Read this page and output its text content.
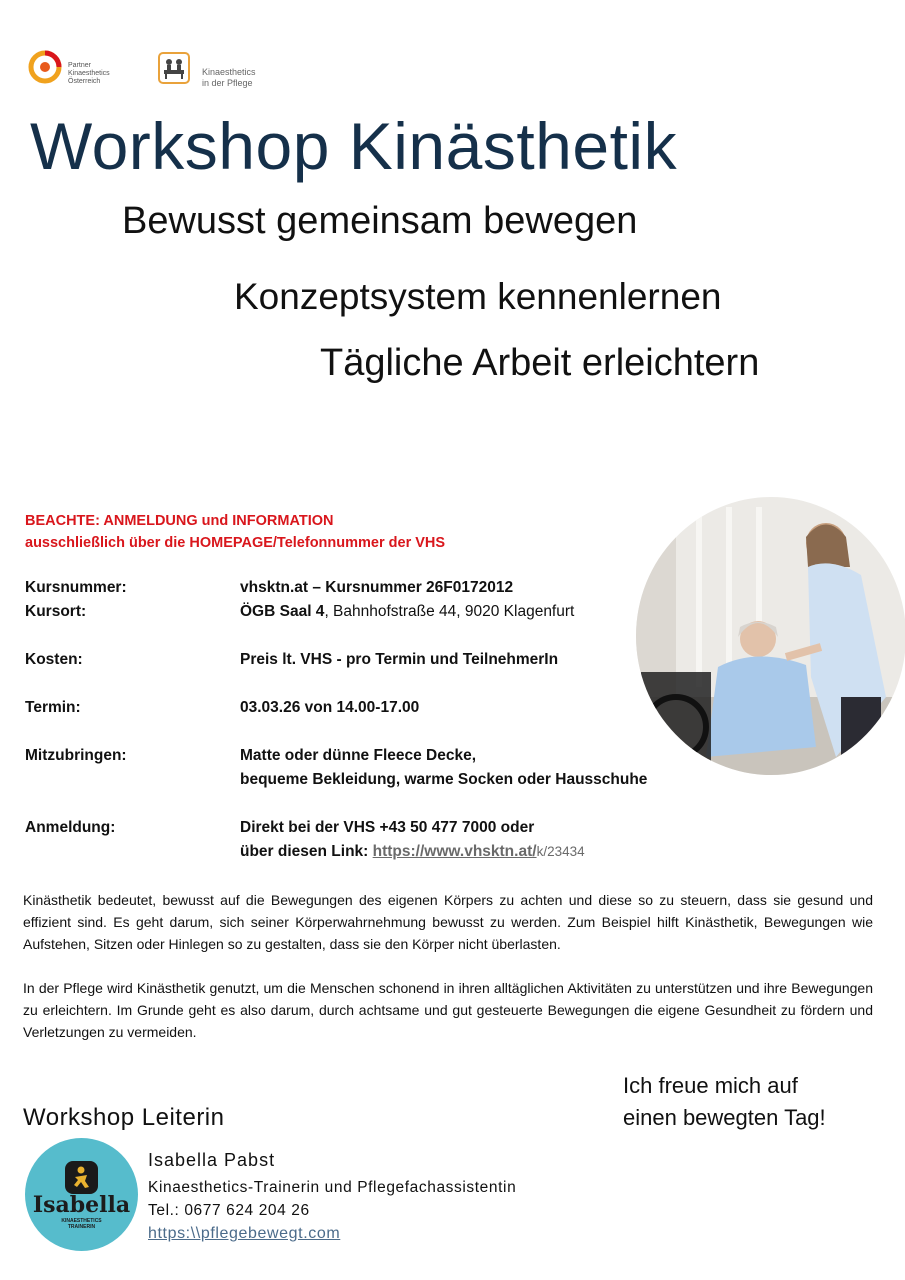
Partner
Kinaesthetics
Österreich
Kinaesthetics
in der Pflege
Workshop Kinästhetik
Bewusst gemeinsam bewegen
Konzeptsystem kennenlernen
Tägliche Arbeit erleichtern
BEACHTE: ANMELDUNG und INFORMATION
ausschließlich über die HOMEPAGE/Telefonnummer der VHS
Kursnummer:	vhsktn.at – Kursnummer 26F0172012
Kursort:	ÖGB Saal 4, Bahnhofstraße 44, 9020 Klagenfurt
Kosten:	Preis lt. VHS - pro Termin und TeilnehmerIn
Termin:	03.03.26 von 14.00-17.00
Mitzubringen:	Matte oder dünne Fleece Decke,
bequeme Bekleidung, warme Socken oder Hausschuhe
Anmeldung:	Direkt bei der VHS +43 50 477 7000 oder
über diesen Link: https://www.vhsktn.at/k/23434
Kinästhetik bedeutet, bewusst auf die Bewegungen des eigenen Körpers zu achten und diese so zu steuern, dass sie gesund und effizient sind. Es geht darum, sich seiner Körperwahrnehmung bewusst zu werden. Zum Beispiel hilft Kinästhetik, Bewegungen wie Aufstehen, Sitzen oder Hinlegen so zu gestalten, dass sie den Körper nicht überlasten.
In der Pflege wird Kinästhetik genutzt, um die Menschen schonend in ihren alltäglichen Aktivitäten zu unterstützen und ihre Bewegungen zu erleichtern. Im Grunde geht es also darum, durch achtsame und gut gesteuerte Bewegungen die eigene Gesundheit zu fördern und Verletzungen zu vermeiden.
Workshop Leiterin
Ich freue mich auf
einen bewegten Tag!
Isabella
KINAESTHETICS
TRAINERIN
Isabella Pabst
Kinaesthetics-Trainerin und Pflegefachassistentin
Tel.: 0677 624 204 26
https:\\pflegebewegt.com
